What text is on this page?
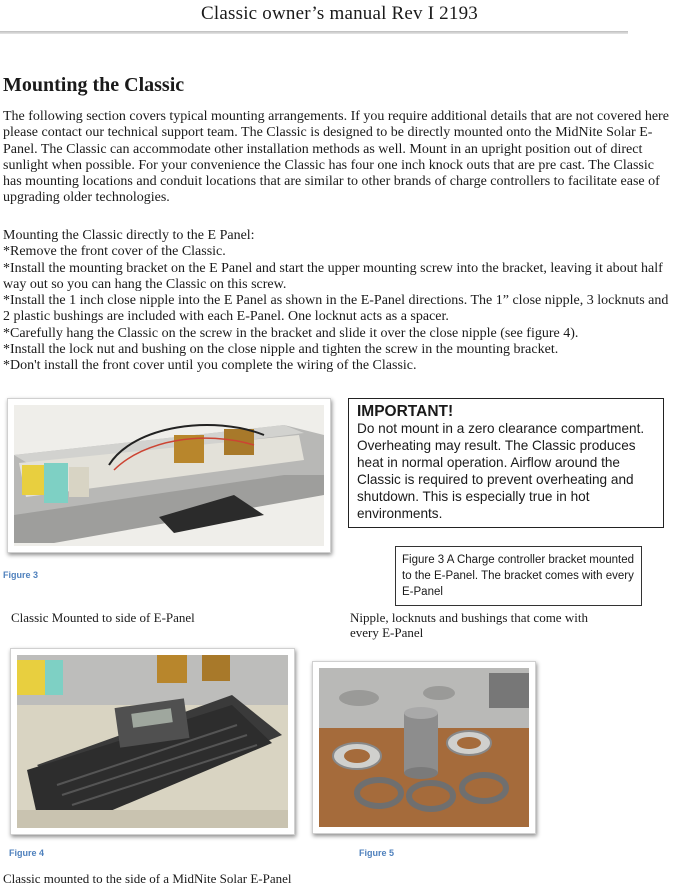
Classic owner’s manual Rev I 2193
Mounting the Classic
The following section covers typical mounting arrangements. If you require additional details that are not covered here please contact our technical support team. The Classic is designed to be directly mounted onto the MidNite Solar E-Panel. The Classic can accommodate other installation methods as well. Mount in an upright position out of direct sunlight when possible. For your convenience the Classic has four one inch knock outs that are pre cast. The Classic has mounting locations and conduit locations that are similar to other brands of charge controllers to facilitate ease of upgrading older technologies.

Mounting the Classic directly to the E Panel:

*Remove the front cover of the Classic.

*Install the mounting bracket on the E Panel and start the upper mounting screw into the bracket, leaving it about half way out so you can hang the Classic on this screw.

*Install the 1 inch close nipple into the E Panel as shown in the E-Panel directions. The 1” close nipple, 3 locknuts and 2 plastic bushings are included with each E-Panel. One locknut acts as a spacer.

*Carefully hang the Classic on the screw in the bracket and slide it over the close nipple (see figure 4).

*Install the lock nut and bushing on the close nipple and tighten the screw in the mounting bracket.

*Don't install the front cover until you complete the wiring of the Classic.

IMPORTANT!
Do not mount in a zero clearance compartment. Overheating may result. The Classic produces heat in normal operation. Airflow around the Classic is required to prevent overheating and shutdown. This is especially true in hot environments.
Figure 3 A Charge controller bracket mounted to the E-Panel. The bracket comes with every E-Panel
Figure 3
Classic Mounted to side of E-Panel	Nipple, locknuts and bushings that come with every E-Panel
Figure 4	Figure 5
Classic mounted to the side of a MidNite Solar E-Panel
